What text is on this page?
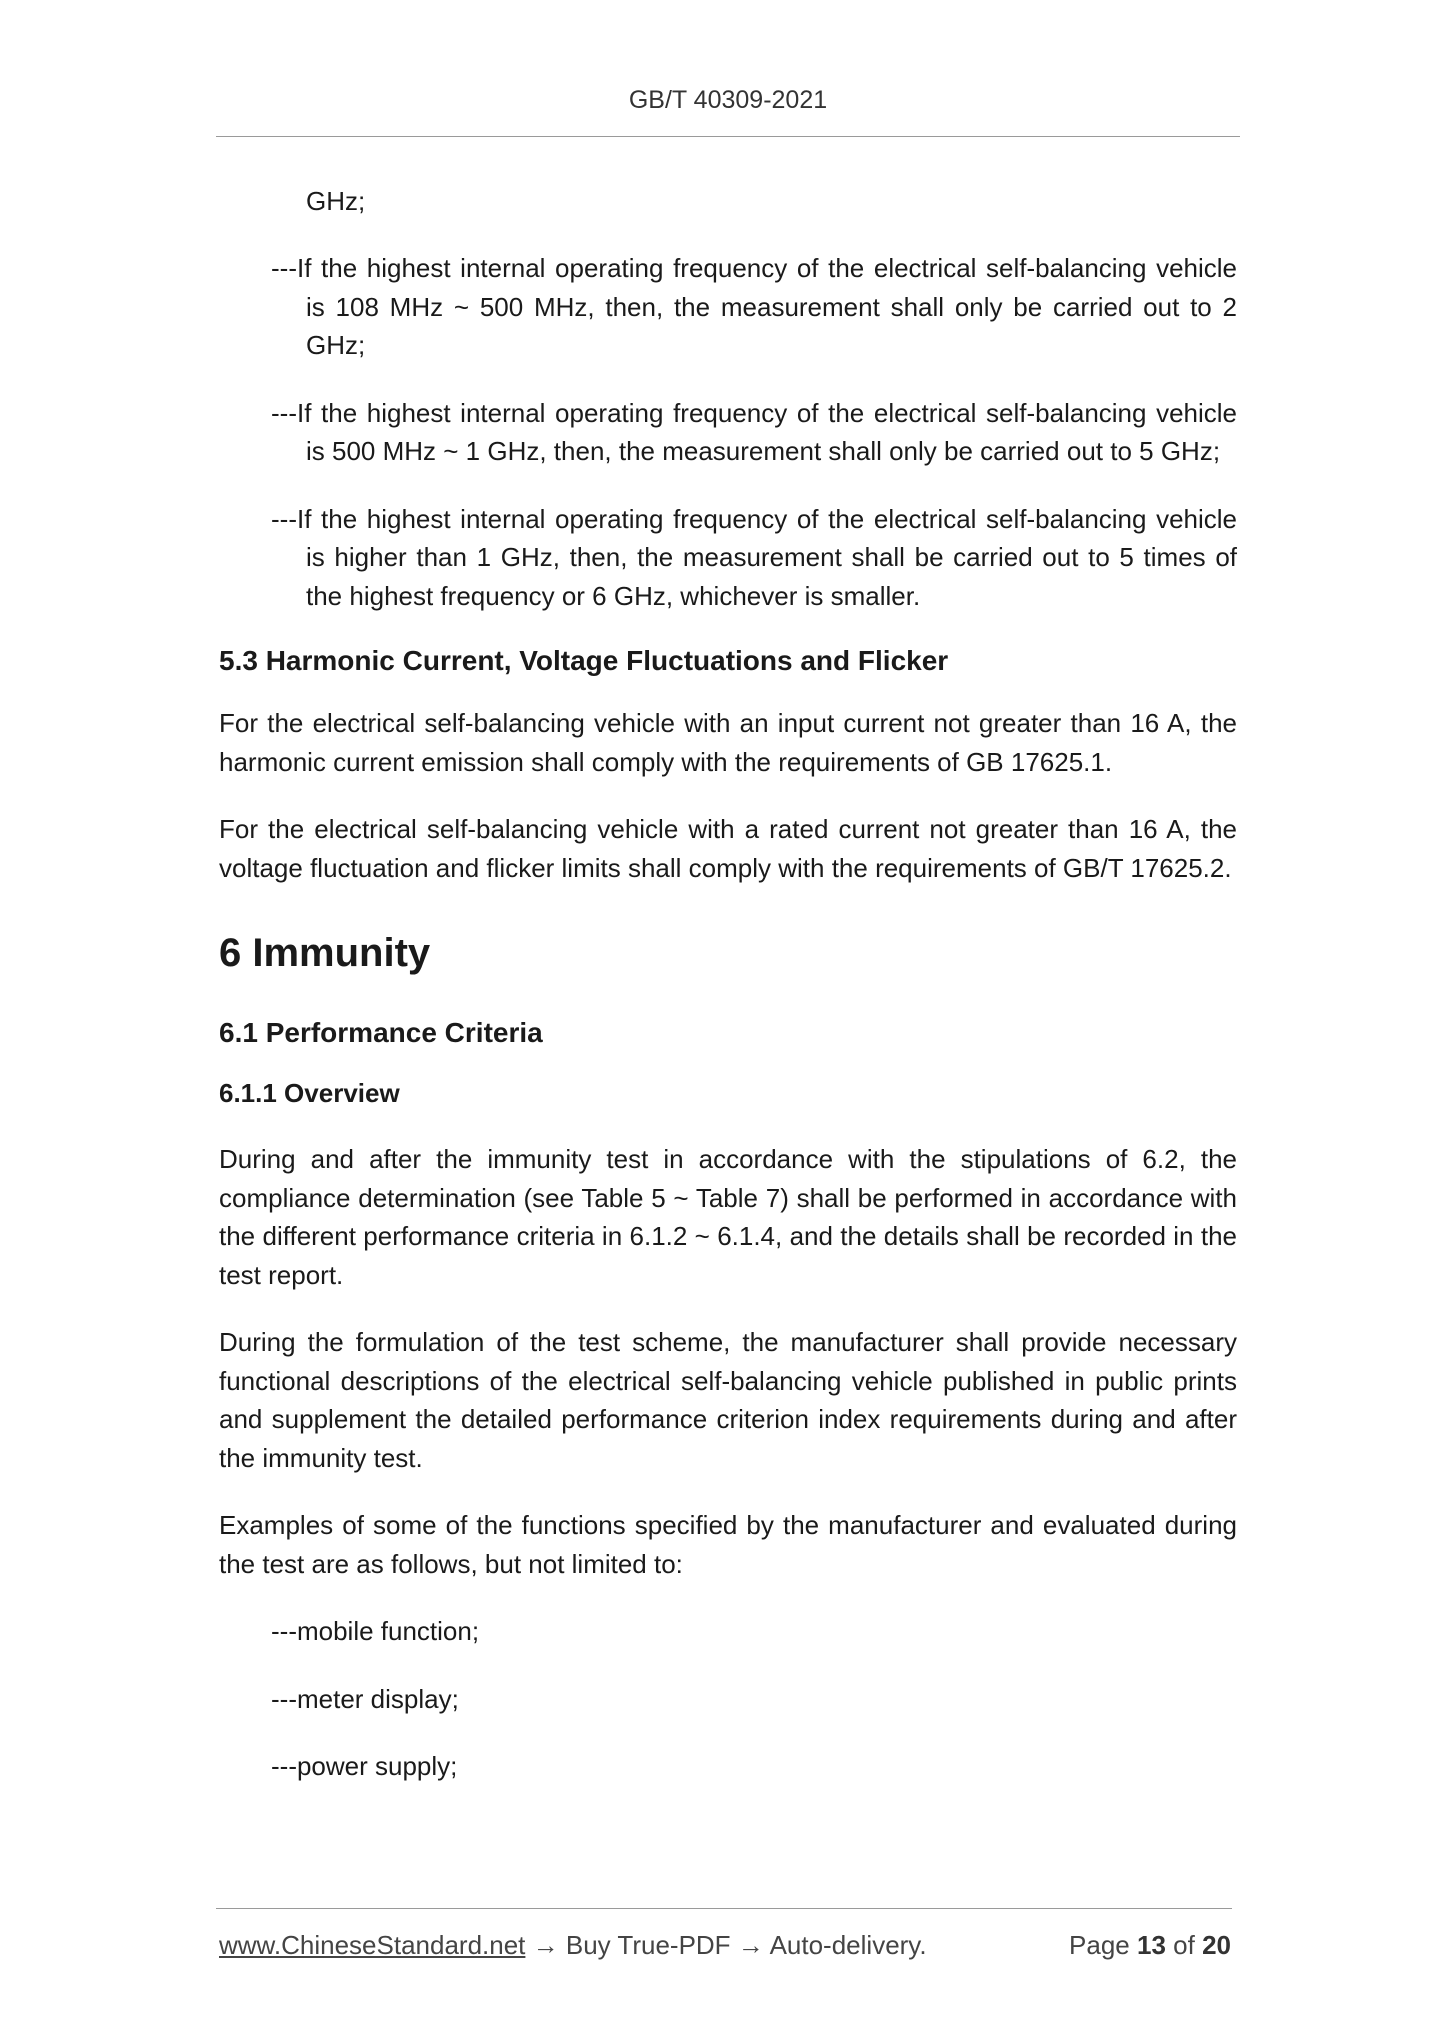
GB/T 40309-2021
GHz;

---If the highest internal operating frequency of the electrical self-balancing vehicle is 108 MHz ~ 500 MHz, then, the measurement shall only be carried out to 2 GHz;

---If the highest internal operating frequency of the electrical self-balancing vehicle is 500 MHz ~ 1 GHz, then, the measurement shall only be carried out to 5 GHz;

---If the highest internal operating frequency of the electrical self-balancing vehicle is higher than 1 GHz, then, the measurement shall be carried out to 5 times of the highest frequency or 6 GHz, whichever is smaller.

5.3 Harmonic Current, Voltage Fluctuations and Flicker

For the electrical self-balancing vehicle with an input current not greater than 16 A, the harmonic current emission shall comply with the requirements of GB 17625.1.

For the electrical self-balancing vehicle with a rated current not greater than 16 A, the voltage fluctuation and flicker limits shall comply with the requirements of GB/T 17625.2.

6 Immunity
6.1 Performance Criteria
6.1.1 Overview

During and after the immunity test in accordance with the stipulations of 6.2, the compliance determination (see Table 5 ~ Table 7) shall be performed in accordance with the different performance criteria in 6.1.2 ~ 6.1.4, and the details shall be recorded in the test report.

During the formulation of the test scheme, the manufacturer shall provide necessary functional descriptions of the electrical self-balancing vehicle published in public prints and supplement the detailed performance criterion index requirements during and after the immunity test.

Examples of some of the functions specified by the manufacturer and evaluated during the test are as follows, but not limited to:

---mobile function;

---meter display;

---power supply;

www.ChineseStandard.net → Buy True-PDF → Auto-delivery.	Page 13 of 20
